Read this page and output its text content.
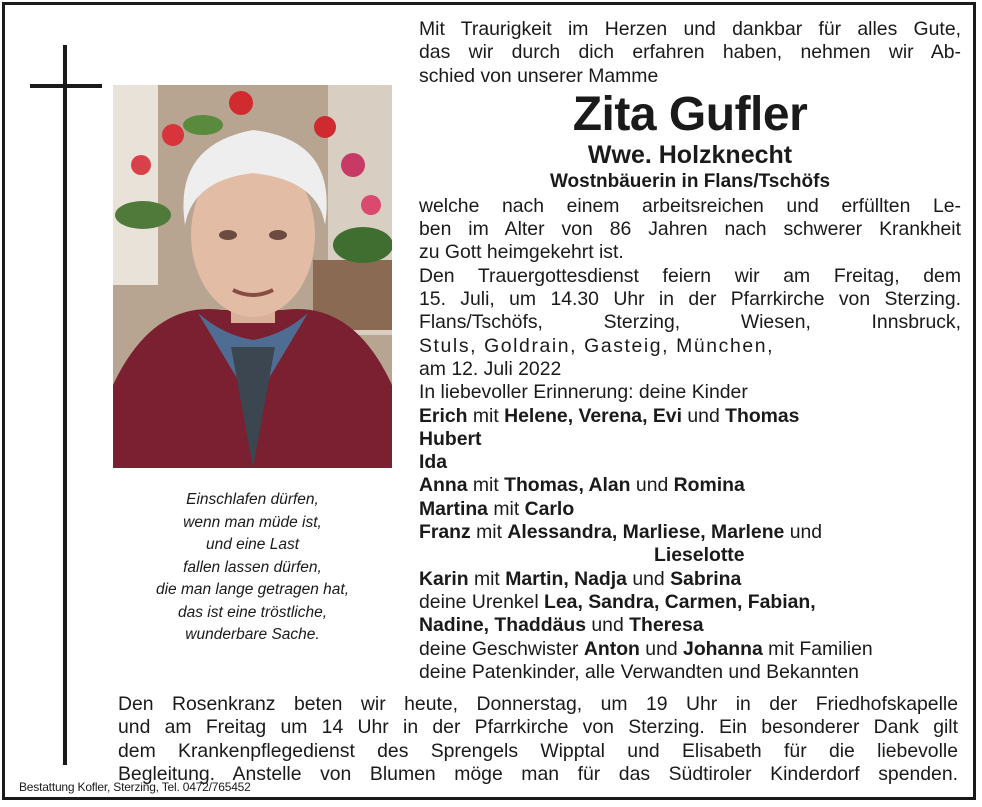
Einschlafen dürfen,
wenn man müde ist,
und eine Last
fallen lassen dürfen,
die man lange getragen hat,
das ist eine tröstliche,
wunderbare Sache.
Mit Traurigkeit im Herzen und dankbar für alles Gute,
das wir durch dich erfahren haben, nehmen wir Ab-
schied von unserer Mamme
Zita Gufler
Wwe. Holzknecht
Wostnbäuerin in Flans/Tschöfs
welche nach einem arbeitsreichen und erfüllten Le-
ben im Alter von 86 Jahren nach schwerer Krankheit
zu Gott heimgekehrt ist.
Den Trauergottesdienst feiern wir am Freitag, dem
15. Juli, um 14.30 Uhr in der Pfarrkirche von Sterzing.
Flans/Tschöfs, Sterzing, Wiesen, Innsbruck,
Stuls, Goldrain, Gasteig, München,
am 12. Juli 2022
In liebevoller Erinnerung: deine Kinder
Erich mit Helene, Verena, Evi und Thomas
Hubert
Ida
Anna mit Thomas, Alan und Romina
Martina mit Carlo
Franz mit Alessandra, Marliese, Marlene und
Lieselotte
Karin mit Martin, Nadja und Sabrina
deine Urenkel Lea, Sandra, Carmen, Fabian,
Nadine, Thaddäus und Theresa
deine Geschwister Anton und Johanna mit Familien
deine Patenkinder, alle Verwandten und Bekannten
Den Rosenkranz beten wir heute, Donnerstag, um 19 Uhr in der Friedhofskapelle
und am Freitag um 14 Uhr in der Pfarrkirche von Sterzing. Ein besonderer Dank gilt
dem Krankenpflegedienst des Sprengels Wipptal und Elisabeth für die liebevolle
Begleitung. Anstelle von Blumen möge man für das Südtiroler Kinderdorf spenden.
Bestattung Kofler, Sterzing, Tel. 0472/765452
